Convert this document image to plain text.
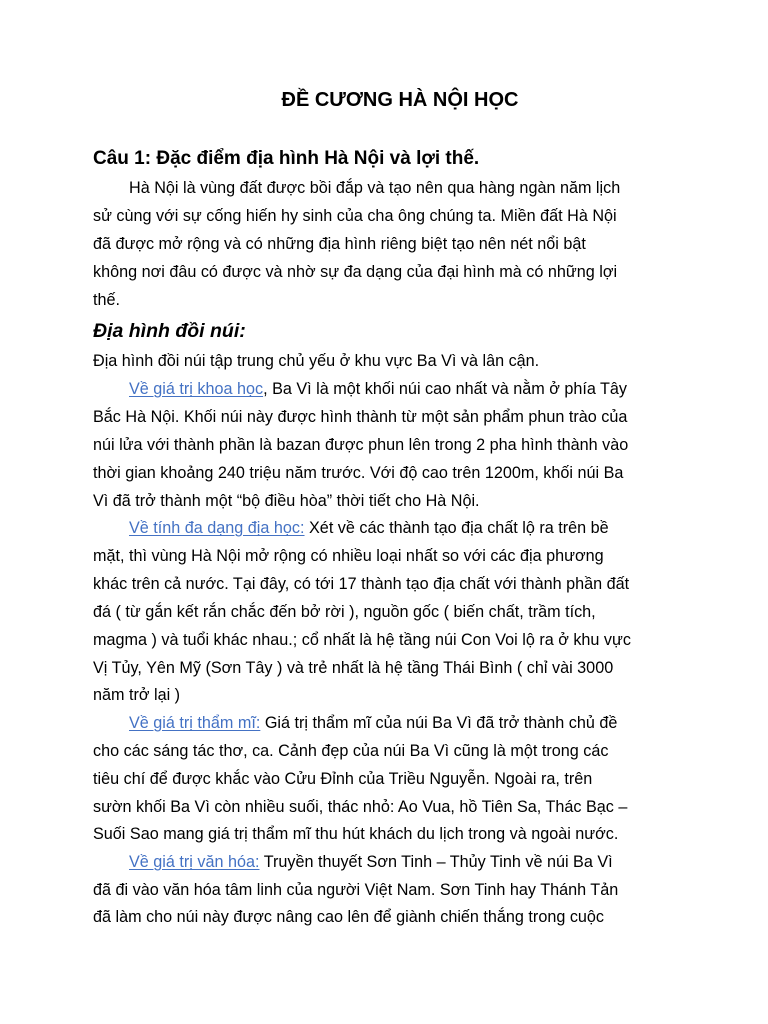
ĐỀ CƯƠNG HÀ NỘI HỌC
Câu 1: Đặc điểm địa hình Hà Nội và lợi thế.

Hà Nội là vùng đất được bồi đắp và tạo nên qua hàng ngàn năm lịch

sử cùng với sự cống hiến hy sinh của cha ông chúng ta. Miền đất Hà Nội

đã được mở rộng và có những địa hình riêng biệt tạo nên nét nổi bật

không nơi đâu có được và nhờ sự đa dạng của đại hình mà có những lợi

thế.

Địa hình đồi núi:

Địa hình đồi núi tập trung chủ yếu ở khu vực Ba Vì và lân cận.

Về giá trị khoa học, Ba Vì là một khối núi cao nhất và nằm ở phía Tây

Bắc Hà Nội. Khối núi này được hình thành từ một sản phẩm phun trào của

núi lửa với thành phần là bazan được phun lên trong 2 pha hình thành vào

thời gian khoảng 240 triệu năm trước. Với độ cao trên 1200m, khối núi Ba

Vì đã trở thành một “bộ điều hòa” thời tiết cho Hà Nội.

Về tính đa dạng địa học: Xét về các thành tạo địa chất lộ ra trên bề

mặt, thì vùng Hà Nội mở rộng có nhiều loại nhất so với các địa phương

khác trên cả nước. Tại đây, có tới 17 thành tạo địa chất với thành phần đất

đá ( từ gắn kết rắn chắc đến bở rời ), nguồn gốc ( biến chất, trầm tích,

magma ) và tuổi khác nhau.; cổ nhất là hệ tầng núi Con Voi lộ ra ở khu vực

Vị Tủy, Yên Mỹ (Sơn Tây ) và trẻ nhất là hệ tầng Thái Bình ( chỉ vài 3000

năm trở lại )

Về giá trị thẩm mĩ: Giá trị thẩm mĩ của núi Ba Vì đã trở thành chủ đề

cho các sáng tác thơ, ca. Cảnh đẹp của núi Ba Vì cũng là một trong các

tiêu chí để được khắc vào Cửu Đỉnh của Triều Nguyễn. Ngoài ra, trên

sườn khối Ba Vì còn nhiều suối, thác nhỏ: Ao Vua, hồ Tiên Sa, Thác Bạc –

Suối Sao mang giá trị thẩm mĩ thu hút khách du lịch trong và ngoài nước.

Về giá trị văn hóa: Truyền thuyết Sơn Tinh – Thủy Tinh về núi Ba Vì

đã đi vào văn hóa tâm linh của người Việt Nam. Sơn Tinh hay Thánh Tản

đã làm cho núi này được nâng cao lên để giành chiến thắng trong cuộc
